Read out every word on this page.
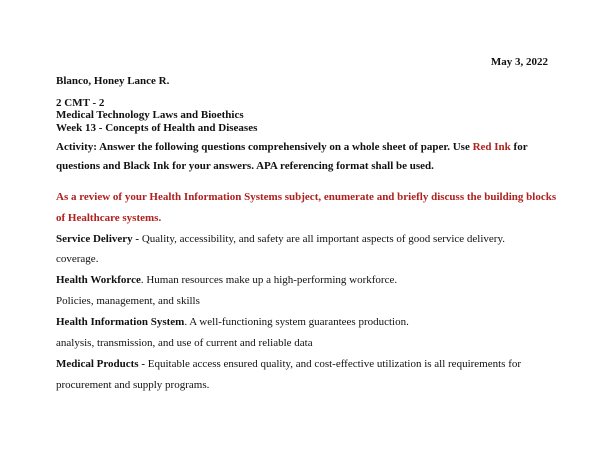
May 3, 2022
Blanco, Honey Lance R.
2 CMT - 2
Medical Technology Laws and Bioethics
Week 13 - Concepts of Health and Diseases
Activity: Answer the following questions comprehensively on a whole sheet of paper. Use Red Ink for
questions and Black Ink for your answers. APA referencing format shall be used.
As a review of your Health Information Systems subject, enumerate and briefly discuss the building blocks
of Healthcare systems.
Service Delivery - Quality, accessibility, and safety are all important aspects of good service delivery.
coverage.
Health Workforce. Human resources make up a high-performing workforce.
Policies, management, and skills
Health Information System. A well-functioning system guarantees production.
analysis, transmission, and use of current and reliable data
Medical Products - Equitable access ensured quality, and cost-effective utilization is all requirements for
procurement and supply programs.
